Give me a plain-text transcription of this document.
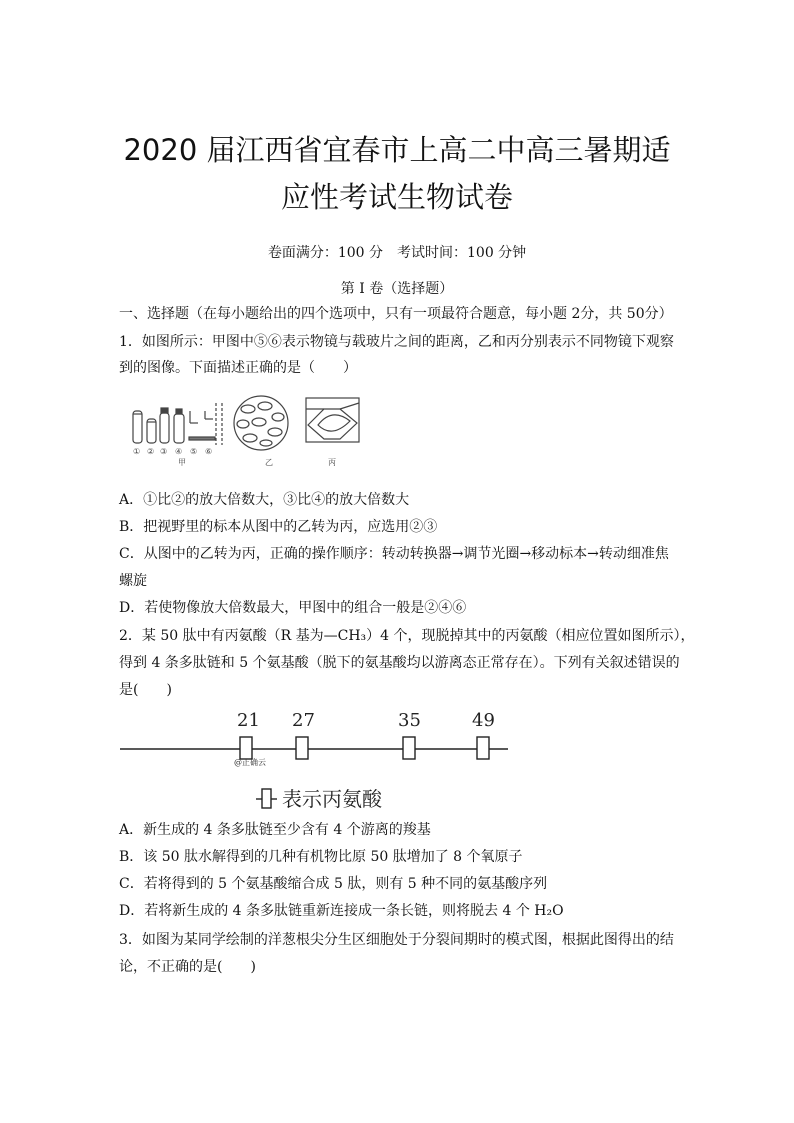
2020 届江西省宜春市上高二中高三暑期适
应性考试生物试卷
卷面满分：100 分　考试时间：100 分钟
第 I 卷（选择题）
一、选择题（在每小题给出的四个选项中，只有一项最符合题意，每小题 2分，共 50分）
1．如图所示：甲图中⑤⑥表示物镜与载玻片之间的距离，乙和丙分别表示不同物镜下观察
到的图像。下面描述正确的是（　　）
① ② ③ ④ ⑤ ⑥
甲	乙	丙
A．①比②的放大倍数大，③比④的放大倍数大
B．把视野里的标本从图中的乙转为丙，应选用②③
C．从图中的乙转为丙，正确的操作顺序：转动转换器→调节光圈→移动标本→转动细准焦
螺旋
D．若使物像放大倍数最大，甲图中的组合一般是②④⑥
2．某 50 肽中有丙氨酸（R 基为—CH₃）4 个，现脱掉其中的丙氨酸（相应位置如图所示），
得到 4 条多肽链和 5 个氨基酸（脱下的氨基酸均以游离态正常存在）。下列有关叙述错误的
是(　　)
21 27	35	49
@正确云
表示丙氨酸
A．新生成的 4 条多肽链至少含有 4 个游离的羧基
B．该 50 肽水解得到的几种有机物比原 50 肽增加了 8 个氧原子
C．若将得到的 5 个氨基酸缩合成 5 肽，则有 5 种不同的氨基酸序列
D．若将新生成的 4 条多肽链重新连接成一条长链，则将脱去 4 个 H₂O
3．如图为某同学绘制的洋葱根尖分生区细胞处于分裂间期时的模式图，根据此图得出的结
论，不正确的是(　　)
